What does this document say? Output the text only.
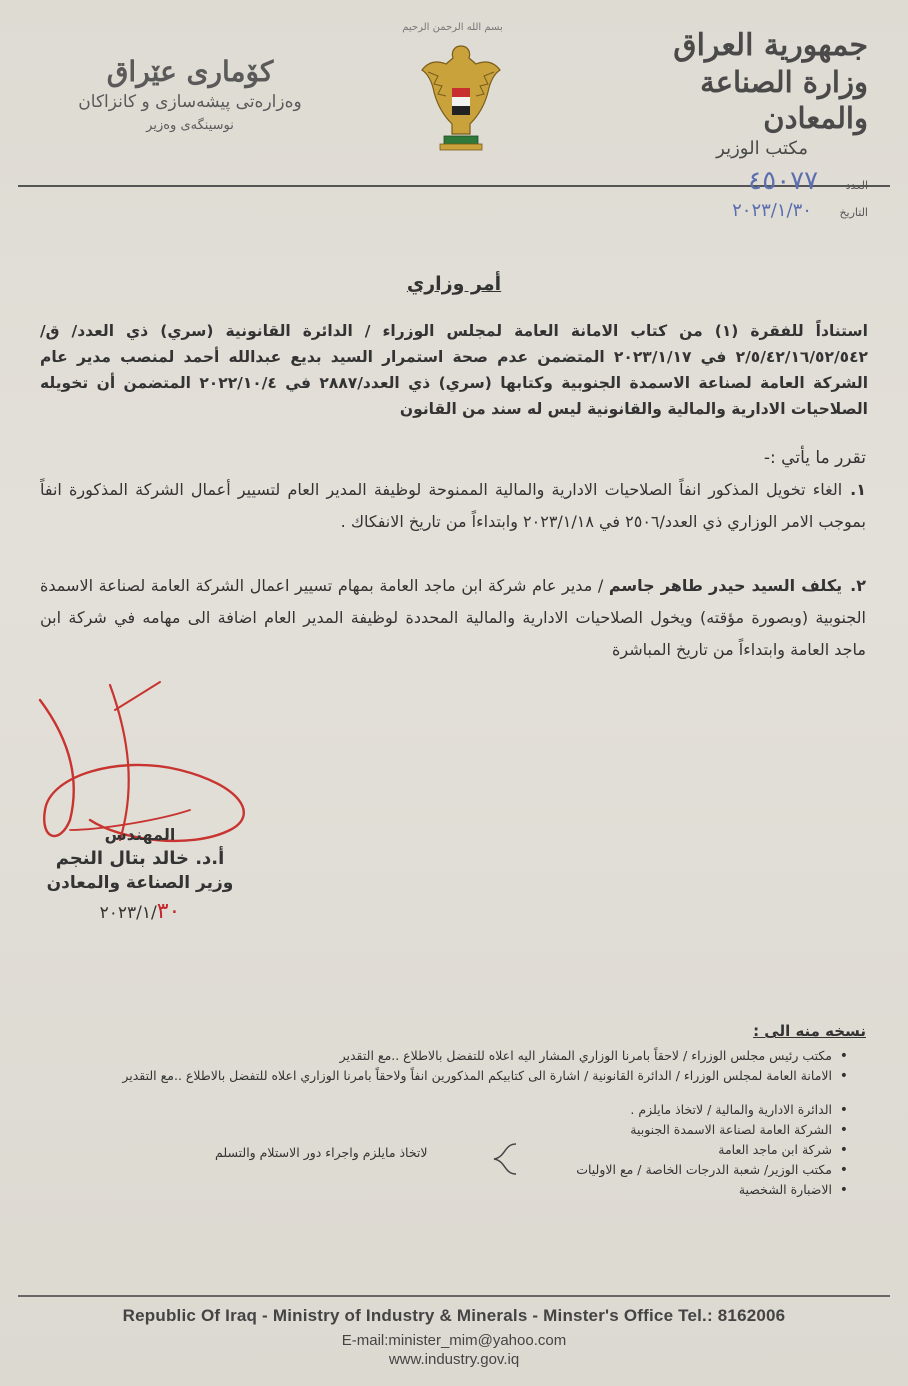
بسم الله الرحمن الرحيم
جمهورية العراق
وزارة الصناعة والمعادن
مكتب الوزير
كۆماری عێراق
وەزارەتی پیشەسازی و کانزاکان
نوسینگەی وەزیر
العدد ٤٥٠٧٧
التاريخ ٢٠٢٣/١/٣٠
أمر وزاري
استناداً للفقرة (١) من كتاب الامانة العامة لمجلس الوزراء / الدائرة القانونية (سري) ذي العدد/ ق/٢/٥/٤٢/١٦/٥٢/٥٤٢ في ٢٠٢٣/١/١٧ المتضمن عدم صحة استمرار السيد بديع عبدالله أحمد لمنصب مدير عام الشركة العامة لصناعة الاسمدة الجنوبية وكتابها (سري) ذي العدد/٢٨٨٧ في ٢٠٢٢/١٠/٤ المتضمن أن تخويله الصلاحيات الادارية والمالية والقانونية ليس له سند من القانون
تقرر ما يأتي :-
١.الغاء تخويل المذكور انفاً الصلاحيات الادارية والمالية الممنوحة لوظيفة المدير العام لتسيير أعمال الشركة المذكورة انفاً بموجب الامر الوزاري ذي العدد/٢٥٠٦ في ٢٠٢٣/١/١٨ وابتداءاً من تاريخ الانفكاك .
٢.يكلف السيد حيدر طاهر جاسم / مدير عام شركة ابن ماجد العامة بمهام تسيير اعمال الشركة العامة لصناعة الاسمدة الجنوبية (وبصورة مؤقته) ويخول الصلاحيات الادارية والمالية المحددة لوظيفة المدير العام اضافة الى مهامه في شركة ابن ماجد العامة وابتداءاً من تاريخ المباشرة
المهندس
أ.د. خالد بتال النجم
وزير الصناعة والمعادن
٢٠٢٣/١/٣٠
نسخه منه الى :
• مكتب رئيس مجلس الوزراء / لاحقاً بامرنا الوزاري المشار اليه اعلاه للتفضل بالاطلاع ..مع التقدير
• الامانة العامة لمجلس الوزراء / الدائرة القانونية / اشارة الى كتابيكم المذكورين انفاً ولاحقاً بامرنا الوزاري اعلاه للتفضل بالاطلاع ..مع التقدير
• الدائرة الادارية والمالية / لاتخاذ مايلزم .
• الشركة العامة لصناعة الاسمدة الجنوبية
• شركة ابن ماجد العامة
• مكتب الوزير/ شعبة الدرجات الخاصة / مع الاوليات
• الاضبارة الشخصية
لاتخاذ مايلزم واجراء دور الاستلام والتسلم
Republic Of Iraq - Ministry of Industry & Minerals - Minster's Office Tel.: 8162006
E-mail:minister_mim@yahoo.com
www.industry.gov.iq
